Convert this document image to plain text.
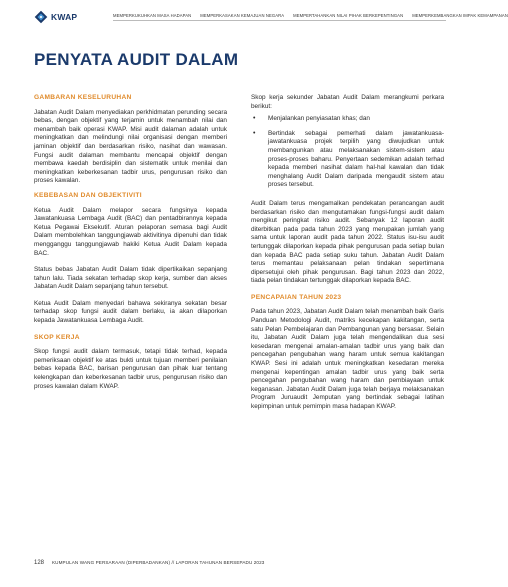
KWAP	MEMPERKUKUHKAN MASA HADAPAN MEMPERKASAKAN KEMAJUAN NEGARA MEMPERTAHANKAN NILAI PIHAK BERKEPENTINGAN MEMPERKEMBANGKAN IMPAK KEMAMPANAN
PENYATA AUDIT DALAM
GAMBARAN KESELURUHAN

Jabatan Audit Dalam menyediakan perkhidmatan perunding secara bebas, dengan objektif yang terjamin untuk menambah nilai dan menambah baik operasi KWAP. Misi audit dalaman adalah untuk meningkatkan dan melindungi nilai organisasi dengan memberi jaminan objektif dan berdasarkan risiko, nasihat dan wawasan. Fungsi audit dalaman membantu mencapai objektif dengan membawa kaedah berdisiplin dan sistematik untuk menilai dan meningkatkan keberkesanan tadbir urus, pengurusan risiko dan proses kawalan.

KEBEBASAN DAN OBJEKTIVITI

Ketua Audit Dalam melapor secara fungsinya kepada Jawatankuasa Lembaga Audit (BAC) dan pentadbirannya kepada Ketua Pegawai Eksekutif. Aturan pelaporan semasa bagi Audit Dalam membolehkan tanggungjawab aktivitinya dipenuhi dan tidak mengganggu tanggungjawab hakiki Ketua Audit Dalam kepada BAC.

Status bebas Jabatan Audit Dalam tidak dipertikaikan sepanjang tahun lalu. Tiada sekatan terhadap skop kerja, sumber dan akses Jabatan Audit Dalam sepanjang tahun tersebut.

Ketua Audit Dalam menyedari bahawa sekiranya sekatan besar terhadap skop fungsi audit dalam berlaku, ia akan dilaporkan kepada Jawatankuasa Lembaga Audit.

SKOP KERJA

Skop fungsi audit dalam termasuk, tetapi tidak terhad, kepada pemeriksaan objektif ke atas bukti untuk tujuan memberi penilaian bebas kepada BAC, barisan pengurusan dan pihak luar tentang kelengkapan dan keberkesanan tadbir urus, pengurusan risiko dan proses kawalan dalam KWAP.

Skop kerja sekunder Jabatan Audit Dalam merangkumi perkara berikut:

• Menjalankan penyiasatan khas; dan
• Bertindak sebagai pemerhati dalam jawatankuasa-jawatankuasa projek terpilih yang diwujudkan untuk membangunkan atau melaksanakan sistem-sistem atau proses-proses baharu. Penyertaan sedemikan adalah terhad kepada memberi nasihat dalam hal-hal kawalan dan tidak menghalang Audit Dalam daripada mengaudit sistem atau proses tersebut.

Audit Dalam terus mengamalkan pendekatan perancangan audit berdasarkan risiko dan mengutamakan fungsi-fungsi audit dalam mengikut peringkat risiko audit. Sebanyak 12 laporan audit diterbitkan pada pada tahun 2023 yang merupakan jumlah yang sama untuk laporan audit pada tahun 2022. Status isu-isu audit tertunggak dilaporkan kepada pihak pengurusan pada setiap bulan dan kepada BAC pada setiap suku tahun. Jabatan Audit Dalam terus memantau pelaksanaan pelan tindakan sepertimana dipersetujui oleh pihak pengurusan. Bagi tahun 2023 dan 2022, tiada pelan tindakan tertunggak dilaporkan kepada BAC.

PENCAPAIAN TAHUN 2023

Pada tahun 2023, Jabatan Audit Dalam telah menambah baik Garis Panduan Metodologi Audit, matriks kecekapan kakitangan, serta satu Pelan Pembelajaran dan Pembangunan yang bersasar. Selain itu, Jabatan Audit Dalam juga telah mengendalikan dua sesi kesedaran mengenai amalan-amalan tadbir urus yang baik dan pencegahan pengubahan wang haram untuk semua kakitangan KWAP. Sesi ini adalah untuk meningkatkan kesedaran mereka mengenai kepentingan amalan tadbir urus yang baik serta pencegahan pengubahan wang haram dan pembiayaan untuk keganasan. Jabatan Audit Dalam juga telah berjaya melaksanakan Program Juruaudit Jemputan yang bertindak sebagai latihan kepimpinan untuk pemimpin masa hadapan KWAP.

128 KUMPULAN WANG PERSARAAN (DIPERBADANKAN) // LAPORAN TAHUNAN BERSEPADU 2023
